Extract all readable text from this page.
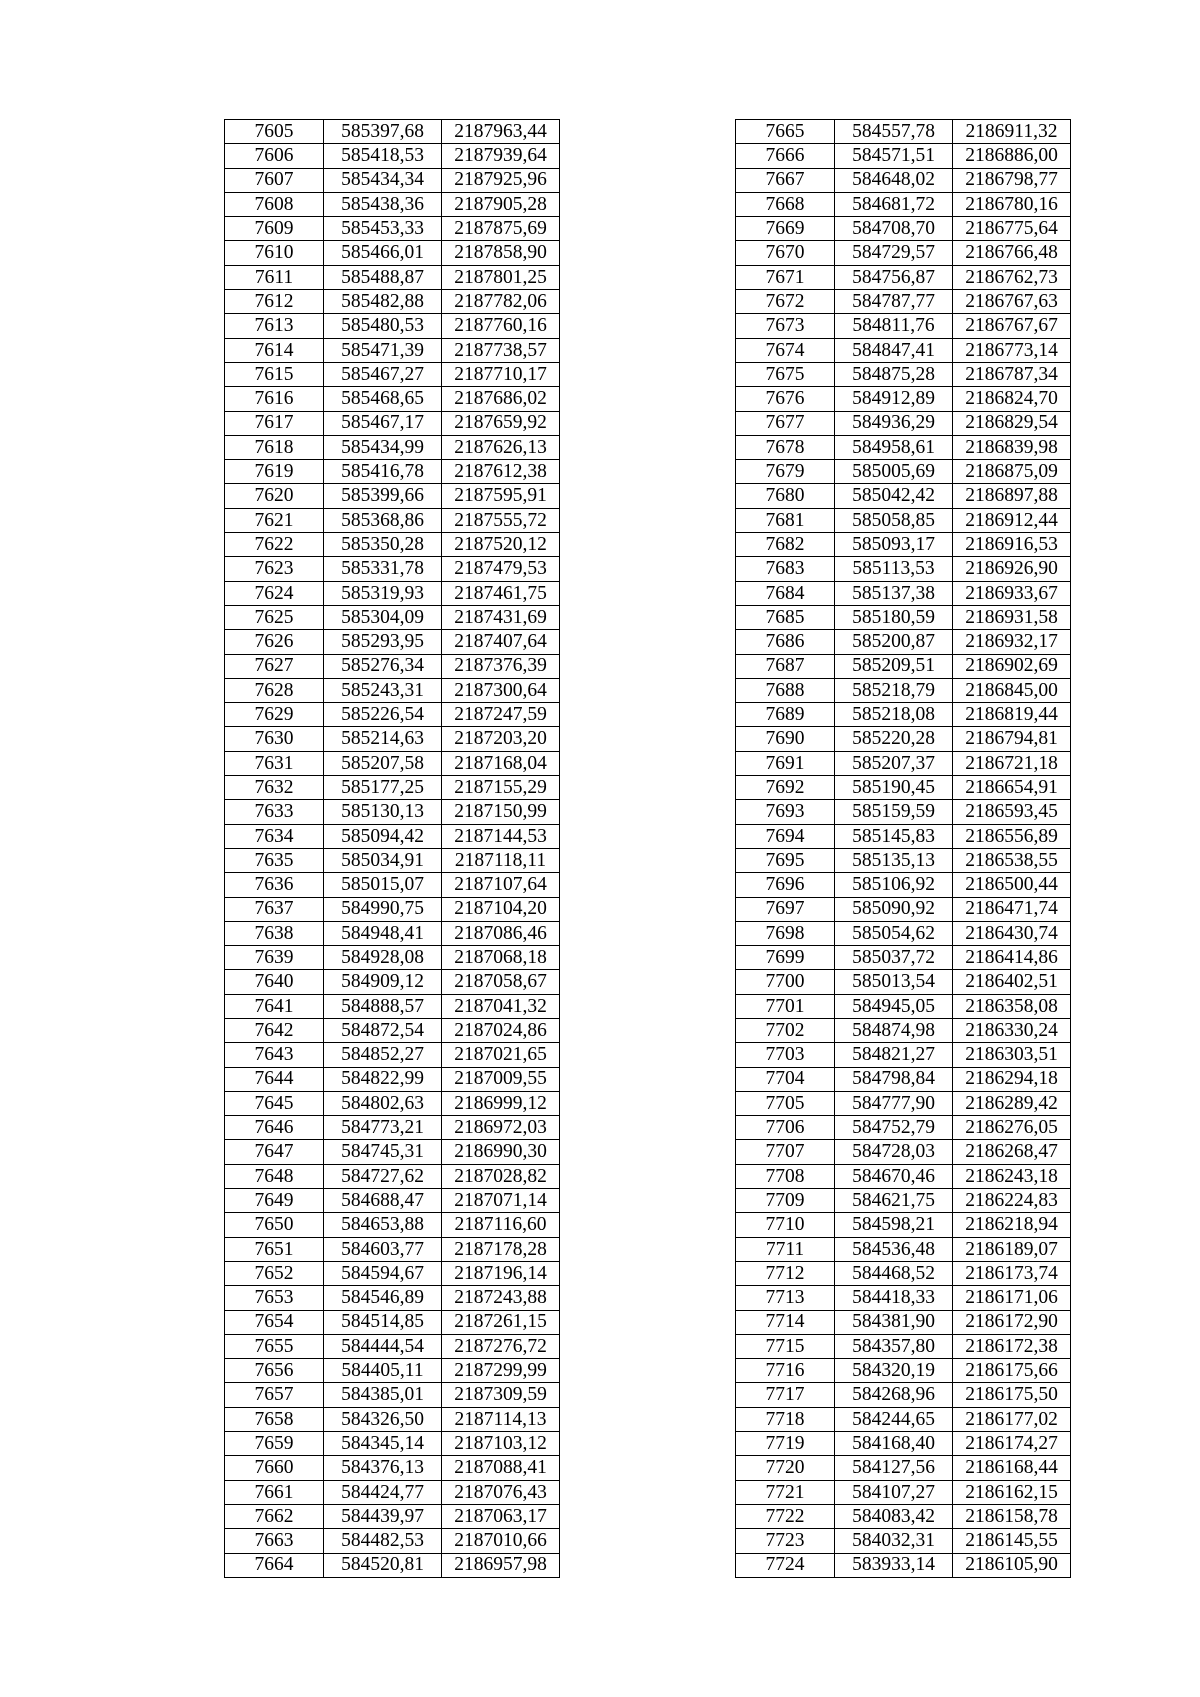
7605	585397,68	2187963,44
7606	585418,53	2187939,64
7607	585434,34	2187925,96
7608	585438,36	2187905,28
7609	585453,33	2187875,69
7610	585466,01	2187858,90
7611	585488,87	2187801,25
7612	585482,88	2187782,06
7613	585480,53	2187760,16
7614	585471,39	2187738,57
7615	585467,27	2187710,17
7616	585468,65	2187686,02
7617	585467,17	2187659,92
7618	585434,99	2187626,13
7619	585416,78	2187612,38
7620	585399,66	2187595,91
7621	585368,86	2187555,72
7622	585350,28	2187520,12
7623	585331,78	2187479,53
7624	585319,93	2187461,75
7625	585304,09	2187431,69
7626	585293,95	2187407,64
7627	585276,34	2187376,39
7628	585243,31	2187300,64
7629	585226,54	2187247,59
7630	585214,63	2187203,20
7631	585207,58	2187168,04
7632	585177,25	2187155,29
7633	585130,13	2187150,99
7634	585094,42	2187144,53
7635	585034,91	2187118,11
7636	585015,07	2187107,64
7637	584990,75	2187104,20
7638	584948,41	2187086,46
7639	584928,08	2187068,18
7640	584909,12	2187058,67
7641	584888,57	2187041,32
7642	584872,54	2187024,86
7643	584852,27	2187021,65
7644	584822,99	2187009,55
7645	584802,63	2186999,12
7646	584773,21	2186972,03
7647	584745,31	2186990,30
7648	584727,62	2187028,82
7649	584688,47	2187071,14
7650	584653,88	2187116,60
7651	584603,77	2187178,28
7652	584594,67	2187196,14
7653	584546,89	2187243,88
7654	584514,85	2187261,15
7655	584444,54	2187276,72
7656	584405,11	2187299,99
7657	584385,01	2187309,59
7658	584326,50	2187114,13
7659	584345,14	2187103,12
7660	584376,13	2187088,41
7661	584424,77	2187076,43
7662	584439,97	2187063,17
7663	584482,53	2187010,66
7664	584520,81	2186957,98
7665	584557,78	2186911,32
7666	584571,51	2186886,00
7667	584648,02	2186798,77
7668	584681,72	2186780,16
7669	584708,70	2186775,64
7670	584729,57	2186766,48
7671	584756,87	2186762,73
7672	584787,77	2186767,63
7673	584811,76	2186767,67
7674	584847,41	2186773,14
7675	584875,28	2186787,34
7676	584912,89	2186824,70
7677	584936,29	2186829,54
7678	584958,61	2186839,98
7679	585005,69	2186875,09
7680	585042,42	2186897,88
7681	585058,85	2186912,44
7682	585093,17	2186916,53
7683	585113,53	2186926,90
7684	585137,38	2186933,67
7685	585180,59	2186931,58
7686	585200,87	2186932,17
7687	585209,51	2186902,69
7688	585218,79	2186845,00
7689	585218,08	2186819,44
7690	585220,28	2186794,81
7691	585207,37	2186721,18
7692	585190,45	2186654,91
7693	585159,59	2186593,45
7694	585145,83	2186556,89
7695	585135,13	2186538,55
7696	585106,92	2186500,44
7697	585090,92	2186471,74
7698	585054,62	2186430,74
7699	585037,72	2186414,86
7700	585013,54	2186402,51
7701	584945,05	2186358,08
7702	584874,98	2186330,24
7703	584821,27	2186303,51
7704	584798,84	2186294,18
7705	584777,90	2186289,42
7706	584752,79	2186276,05
7707	584728,03	2186268,47
7708	584670,46	2186243,18
7709	584621,75	2186224,83
7710	584598,21	2186218,94
7711	584536,48	2186189,07
7712	584468,52	2186173,74
7713	584418,33	2186171,06
7714	584381,90	2186172,90
7715	584357,80	2186172,38
7716	584320,19	2186175,66
7717	584268,96	2186175,50
7718	584244,65	2186177,02
7719	584168,40	2186174,27
7720	584127,56	2186168,44
7721	584107,27	2186162,15
7722	584083,42	2186158,78
7723	584032,31	2186145,55
7724	583933,14	2186105,90
